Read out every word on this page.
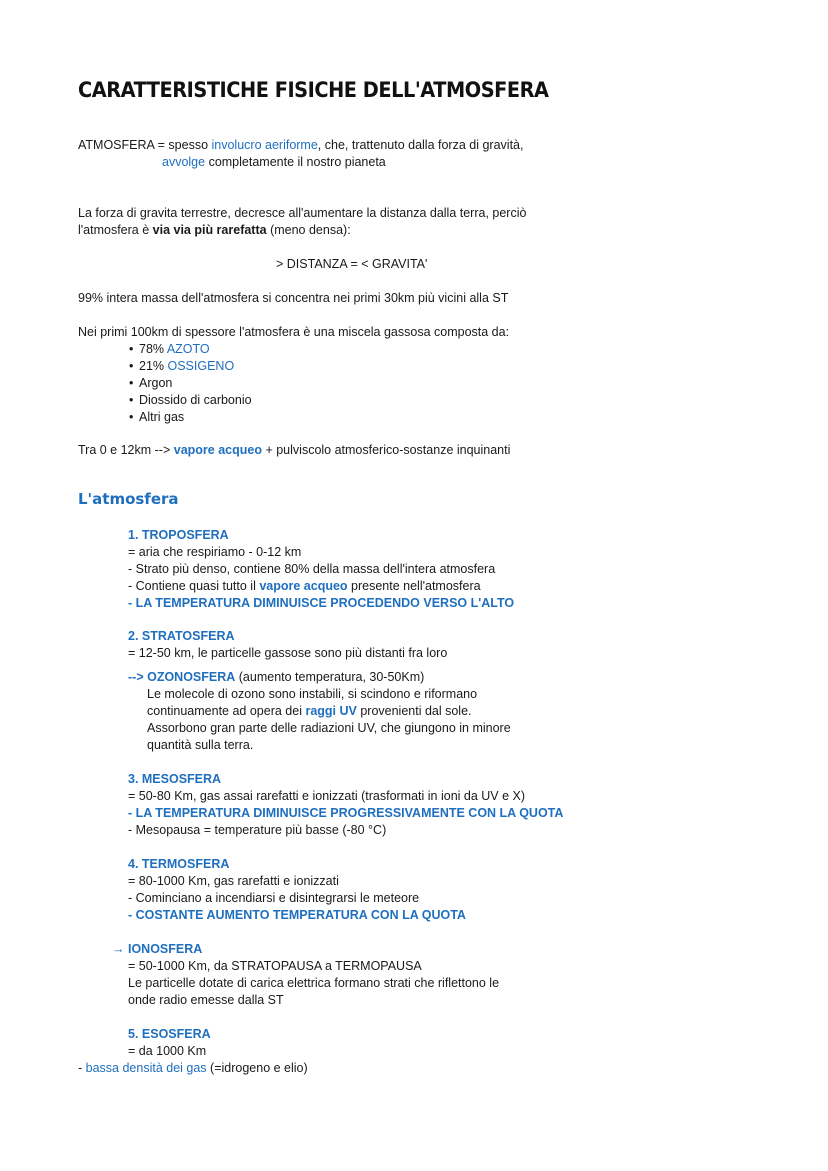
CARATTERISTICHE FISICHE DELL'ATMOSFERA
ATMOSFERA = spesso involucro aeriforme, che, trattenuto dalla forza di gravità,
avvolge completamente il nostro pianeta
La forza di gravita terrestre, decresce all'aumentare la distanza dalla terra, perciò
l'atmosfera è via via più rarefatta (meno densa):
> DISTANZA = < GRAVITA'
99% intera massa dell'atmosfera si concentra nei primi 30km più vicini alla ST
Nei primi 100km di spessore l'atmosfera è una miscela gassosa composta da:
• 78% AZOTO
• 21% OSSIGENO
• Argon
• Diossido di carbonio
• Altri gas
Tra 0 e 12km --> vapore acqueo + pulviscolo atmosferico-sostanze inquinanti
L'atmosfera
1. TROPOSFERA
= aria che respiriamo - 0-12 km
- Strato più denso, contiene 80% della massa dell'intera atmosfera
- Contiene quasi tutto il vapore acqueo presente nell'atmosfera
- LA TEMPERATURA DIMINUISCE PROCEDENDO VERSO L'ALTO
2. STRATOSFERA
= 12-50 km, le particelle gassose sono più distanti fra loro
--> OZONOSFERA (aumento temperatura, 30-50Km)
Le molecole di ozono sono instabili, si scindono e riformano
continuamente ad opera dei raggi UV provenienti dal sole.
Assorbono gran parte delle radiazioni UV, che giungono in minore
quantità sulla terra.
3. MESOSFERA
= 50-80 Km, gas assai rarefatti e ionizzati (trasformati in ioni da UV e X)
- LA TEMPERATURA DIMINUISCE PROGRESSIVAMENTE CON LA QUOTA
- Mesopausa = temperature più basse (-80 °C)
4. TERMOSFERA
= 80-1000 Km, gas rarefatti e ionizzati
- Cominciano a incendiarsi e disintegrarsi le meteore
- COSTANTE AUMENTO TEMPERATURA CON LA QUOTA
→ IONOSFERA
= 50-1000 Km, da STRATOPAUSA a TERMOPAUSA
Le particelle dotate di carica elettrica formano strati che riflettono le
onde radio emesse dalla ST
5. ESOSFERA
= da 1000 Km
- bassa densità dei gas (=idrogeno e elio)
